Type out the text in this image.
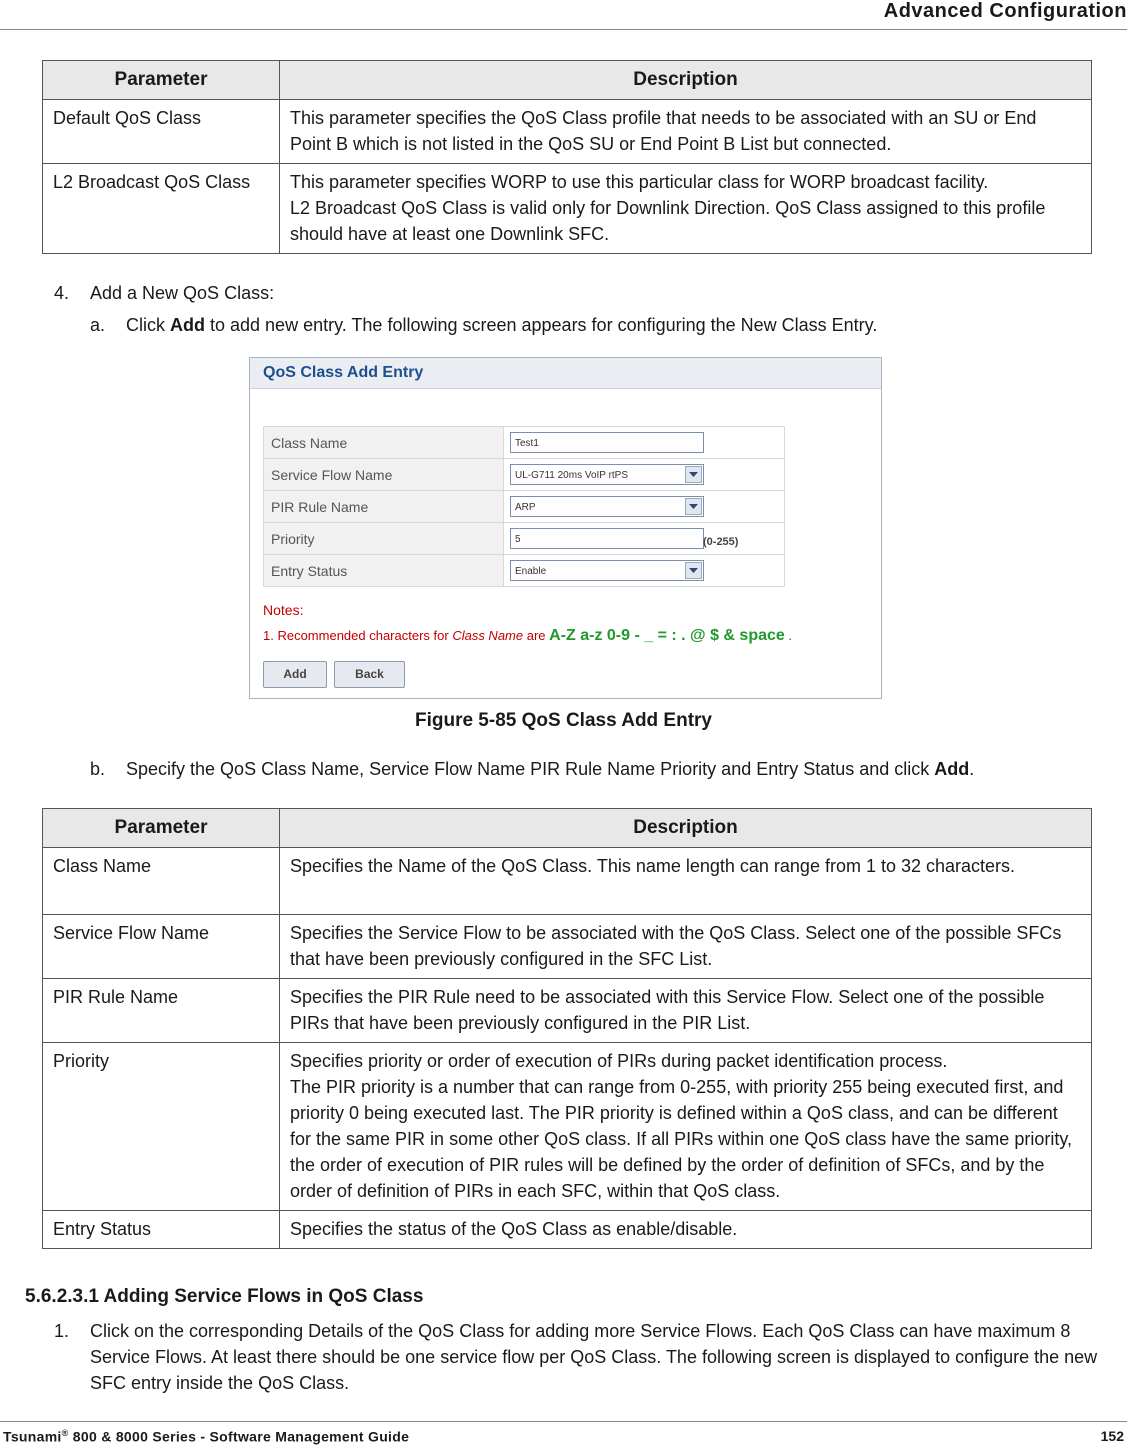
Advanced Configuration
Parameter	Description
Default QoS Class	This parameter specifies the QoS Class profile that needs to be associated with an SU or End Point B which is not listed in the QoS SU or End Point B List but connected.

L2 Broadcast QoS Class	This parameter specifies WORP to use this particular class for WORP broadcast facility.
L2 Broadcast QoS Class is valid only for Downlink Direction. QoS Class assigned to this profile should have at least one Downlink SFC.
4. Add a New QoS Class:
a. Click Add to add new entry. The following screen appears for configuring the New Class Entry.
QoS Class Add Entry
Class Name	Test1
Service Flow Name	UL-G711 20ms VoIP rtPS

PIR Rule Name	ARP

Priority	5
Entry Status	Enable
(0-255)
Notes:
1. Recommended characters for Class Name are A-Z a-z 0-9 - _ = : . @ $ & space .
Add	Back
Figure 5-85 QoS Class Add Entry
b. Specify the QoS Class Name, Service Flow Name PIR Rule Name Priority and Entry Status and click Add.
Parameter	Description
Class Name	Specifies the Name of the QoS Class. This name length can range from 1 to 32 characters.

Service Flow Name	Specifies the Service Flow to be associated with the QoS Class. Select one of the possible SFCs that have been previously configured in the SFC List.

PIR Rule Name	Specifies the PIR Rule need to be associated with this Service Flow. Select one of the possible PIRs that have been previously configured in the PIR List.

Priority	Specifies priority or order of execution of PIRs during packet identification process.
The PIR priority is a number that can range from 0-255, with priority 255 being executed first, and priority 0 being executed last. The PIR priority is defined within a QoS class, and can be different for the same PIR in some other QoS class. If all PIRs within one QoS class have the same priority, the order of execution of PIR rules will be defined by the order of definition of SFCs, and by the order of definition of PIRs in each SFC, within that QoS class.

Entry Status	Specifies the status of the QoS Class as enable/disable.
5.6.2.3.1 Adding Service Flows in QoS Class
1.	Click on the corresponding Details of the QoS Class for adding more Service Flows. Each QoS Class can have maximum 8 Service Flows. At least there should be one service flow per QoS Class. The following screen is displayed to configure the new SFC entry inside the QoS Class.
Tsunami® 800 & 8000 Series - Software Management Guide	152
